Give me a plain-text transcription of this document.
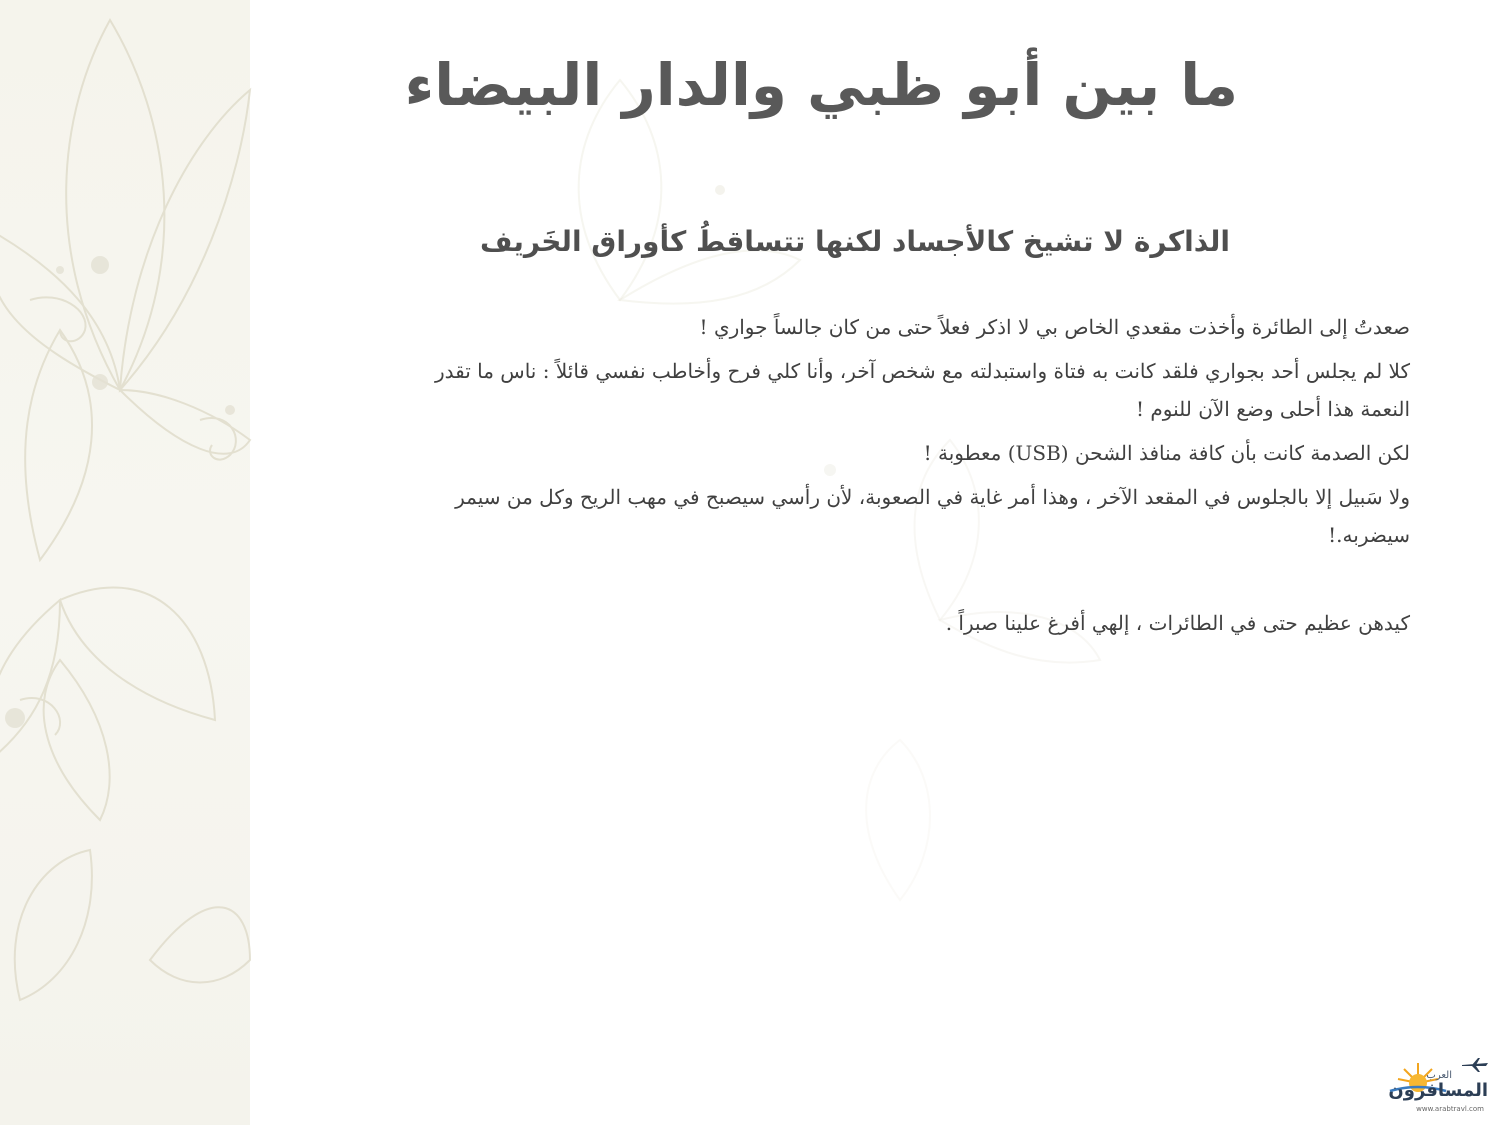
ما بين أبو ظبي والدار البيضاء
الذاكرة لا تشيخ كالأجساد لكنها تتساقطُ كأوراق الخَريف

صعدتُ إلى الطائرة وأخذت مقعدي الخاص بي لا اذكر فعلاً حتى من كان جالساً جواري !

كلا لم يجلس أحد بجواري فلقد كانت به فتاة واستبدلته مع شخص آخر، وأنا كلي فرح وأخاطب نفسي قائلاً : ناس ما تقدر النعمة هذا أحلى وضع الآن للنوم !

لكن الصدمة كانت بأن كافة منافذ الشحن (USB) معطوبة !

ولا سَبيل إلا بالجلوس في المقعد الآخر ، وهذا أمر غاية في الصعوبة، لأن رأسي سيصبح في مهب الريح وكل من سيمر سيضربه.!

كيدهن عظيم حتى في الطائرات ، إلهي أفرغ علينا صبراً .

العرب
المسافرون
www.arabtravl.com
